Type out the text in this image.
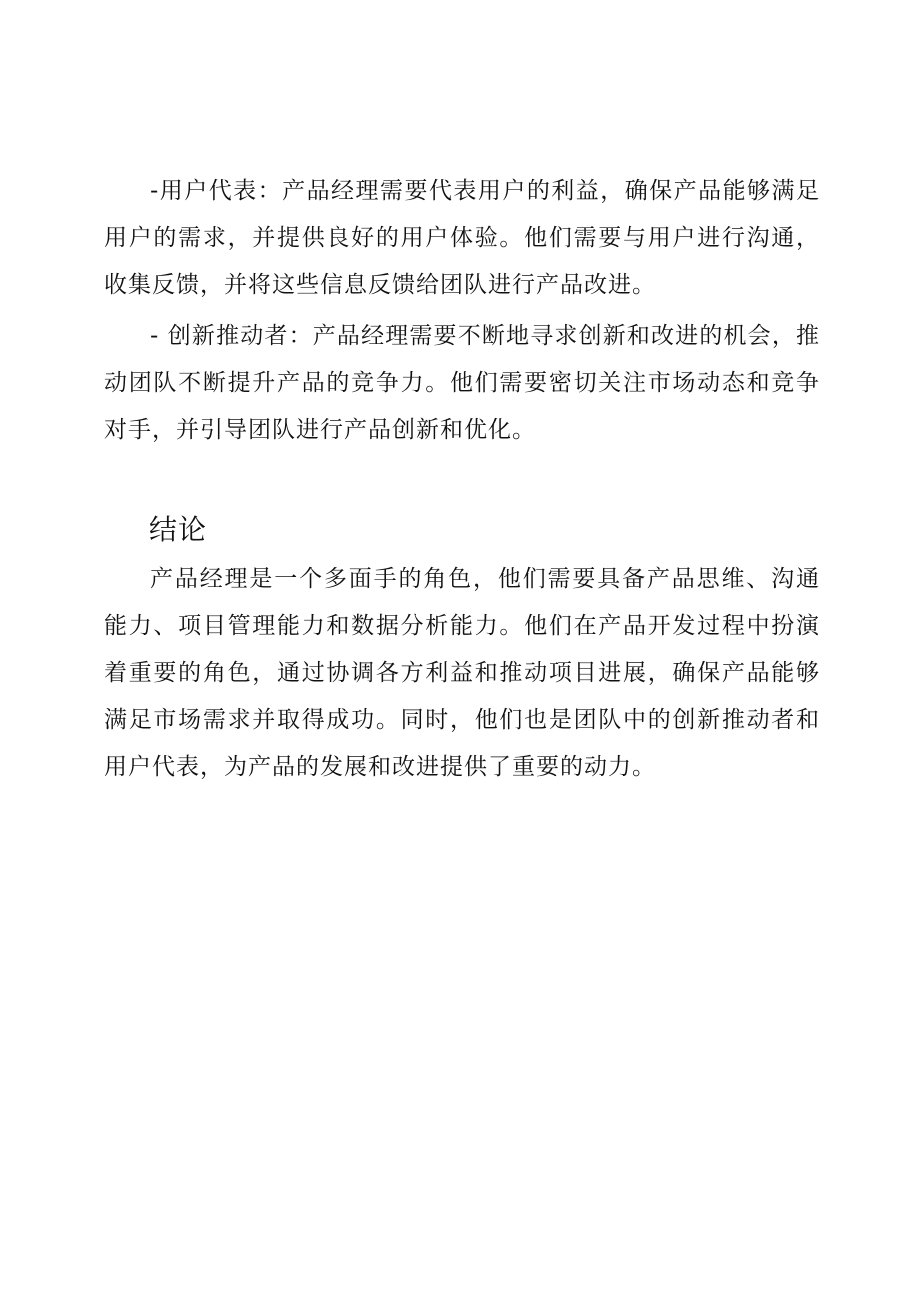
-用户代表：产品经理需要代表用户的利益，确保产品能够满足用户的需求，并提供良好的用户体验。他们需要与用户进行沟通，收集反馈，并将这些信息反馈给团队进行产品改进。

- 创新推动者：产品经理需要不断地寻求创新和改进的机会，推动团队不断提升产品的竞争力。他们需要密切关注市场动态和竞争对手，并引导团队进行产品创新和优化。

结论

产品经理是一个多面手的角色，他们需要具备产品思维、沟通能力、项目管理能力和数据分析能力。他们在产品开发过程中扮演着重要的角色，通过协调各方利益和推动项目进展，确保产品能够满足市场需求并取得成功。同时，他们也是团队中的创新推动者和用户代表，为产品的发展和改进提供了重要的动力。
